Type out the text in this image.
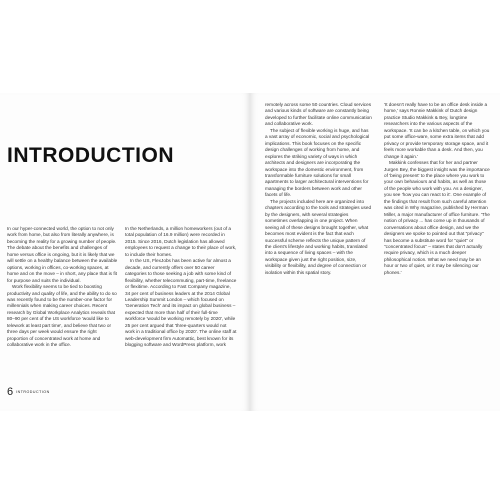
INTRODUCTION

In our hyper-connected world, the option to not only work from home, but also from literally anywhere, is becoming the reality for a growing number of people. The debate about the benefits and challenges of home versus office is ongoing, but it is likely that we will settle on a healthy balance between the available options, working in offices, co-working spaces, at home and on the move – in short, any place that is fit for purpose and suits the individual.

Work flexibility seems to be tied to boosting productivity and quality of life, and the ability to do so was recently found to be the number-one factor for millennials when making career choices. Recent research by Global Workplace Analytics reveals that 80–90 per cent of the US workforce 'would like to telework at least part time', and believe that two or three days per week would ensure the right proportion of concentrated work at home and collaborative work in the office.

In the Netherlands, a million homeworkers (out of a total population of 16.9 million) were recorded in 2015. Since 2016, Dutch legislation has allowed employees to request a change to their place of work, to include their homes.

In the US, FlexJobs has been active for almost a decade, and currently offers over 50 career categories to those seeking a job with some kind of flexibility, whether telecommuting, part-time, freelance or flexitime. According to Fast Company magazine, 34 per cent of business leaders at the 2014 Global Leadership Summit London – which focused on 'Generation Tech' and its impact on global business – expected that more than half of their full-time workforce 'would be working remotely by 2020', while 25 per cent argued that 'three-quarters would not work in a traditional office by 2020'. The online staff at web-development firm Automattic, best known for its blogging software and WordPress platform, work

6 INTRODUCTION

remotely across some 50 countries. Cloud services and various kinds of software are constantly being developed to further facilitate online communication and collaborative work.

The subject of flexible working is huge, and has a vast array of economic, social and psychological implications. This book focuses on the specific design challenges of working from home, and explores the striking variety of ways in which architects and designers are incorporating the workspace into the domestic environment, from transformable furniture solutions for small apartments to larger architectural interventions for managing the borders between work and other facets of life.

The projects included here are organized into chapters according to the tools and strategies used by the designers, with several strategies sometimes overlapping in one project. When seeing all of these designs brought together, what becomes most evident is the fact that each successful scheme reflects the unique pattern of the client's lifestyle and working habits, translated into a sequence of living spaces – with the workspace given just the right position, size, visibility or flexibility, and degree of connection or isolation within this spatial story.

'It doesn't really have to be an office desk inside a home,' says Ronnie Makkink of Dutch design practice Studio Makkink & Bey, longtime researchers into the various aspects of the workspace. 'It can be a kitchen table, on which you put some office-ware, some extra items that add privacy or provide temporary storage space, and it feels more workable than a desk. And then, you change it again.'

Makkink confesses that for her and partner Jurgen Bey, the biggest insight was the importance of 'being present' to the place where you work to your own behaviours and habits, as well as those of the people who work with you. As a designer, you see 'how you can react to it'. One example of the findings that result from such careful attention was cited in Why magazine, published by Herman Miller, a major manufacturer of office furniture. 'The notion of privacy ... has come up in thousands of conversations about office design, and we the designers we spoke to pointed out that "privacy" has become a substitute word for "quiet" or "concentrated focus" – states that don't actually require privacy, which is a much deeper philosophical notion. What we need may be an hour or two of quiet, or it may be silencing our phones.'
